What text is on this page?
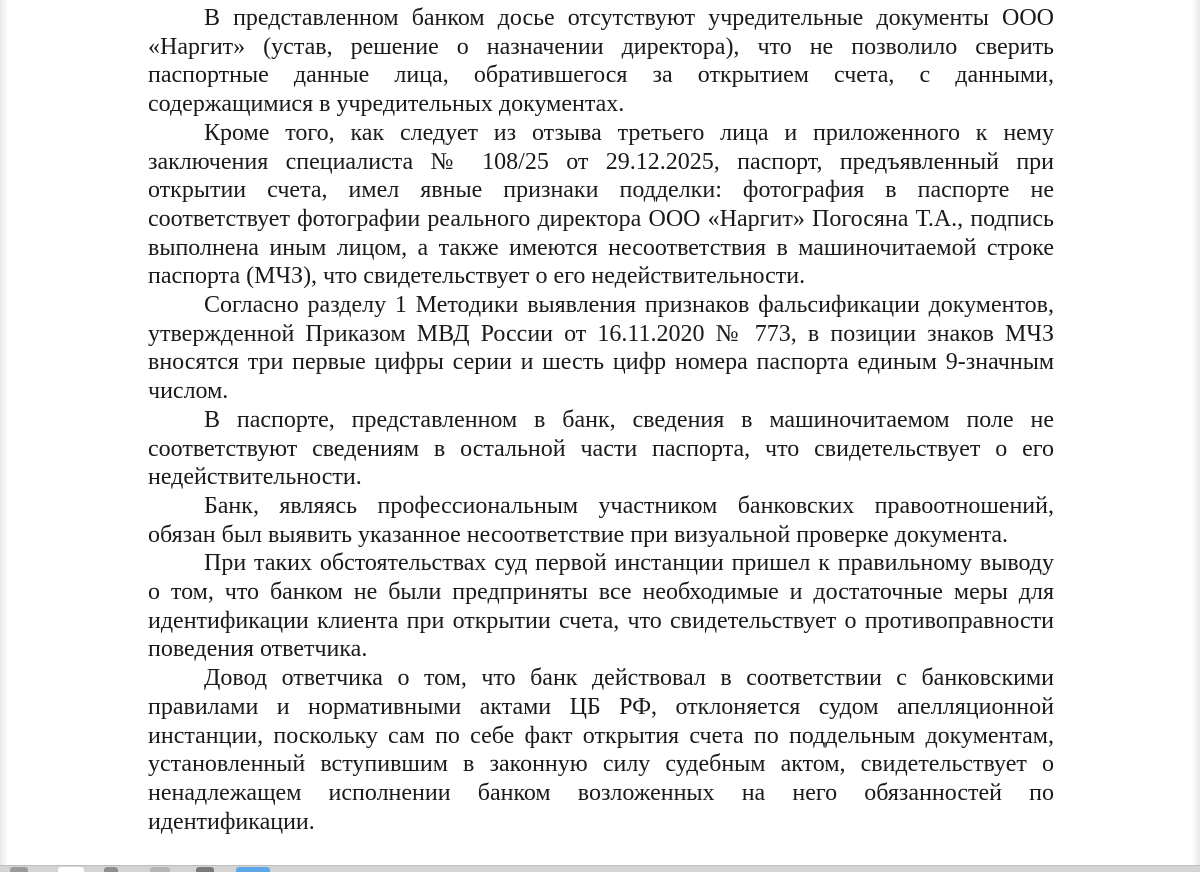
В представленном банком досье отсутствуют учредительные документы ООО «Наргит» (устав, решение о назначении директора), что не позволило сверить паспортные данные лица, обратившегося за открытием счета, с данными, содержащимися в учредительных документах.

Кроме того, как следует из отзыва третьего лица и приложенного к нему заключения специалиста № 108/25 от 29.12.2025, паспорт, предъявленный при открытии счета, имел явные признаки подделки: фотография в паспорте не соответствует фотографии реального директора ООО «Наргит» Погосяна Т.А., подпись выполнена иным лицом, а также имеются несоответствия в машиночитаемой строке паспорта (МЧЗ), что свидетельствует о его недействительности.

Согласно разделу 1 Методики выявления признаков фальсификации документов, утвержденной Приказом МВД России от 16.11.2020 № 773, в позиции знаков МЧЗ вносятся три первые цифры серии и шесть цифр номера паспорта единым 9-значным числом.

В паспорте, представленном в банк, сведения в машиночитаемом поле не соответствуют сведениям в остальной части паспорта, что свидетельствует о его недействительности.

Банк, являясь профессиональным участником банковских правоотношений, обязан был выявить указанное несоответствие при визуальной проверке документа.

При таких обстоятельствах суд первой инстанции пришел к правильному выводу о том, что банком не были предприняты все необходимые и достаточные меры для идентификации клиента при открытии счета, что свидетельствует о противоправности поведения ответчика.

Довод ответчика о том, что банк действовал в соответствии с банковскими правилами и нормативными актами ЦБ РФ, отклоняется судом апелляционной инстанции, поскольку сам по себе факт открытия счета по поддельным документам, установленный вступившим в законную силу судебным актом, свидетельствует о ненадлежащем исполнении банком возложенных на него обязанностей по идентификации.
